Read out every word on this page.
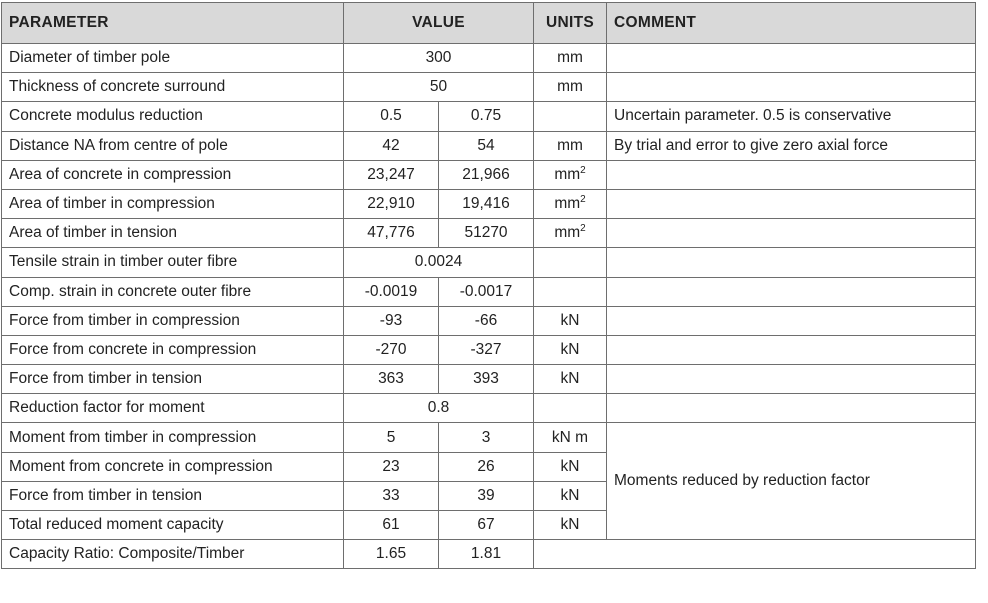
PARAMETER	VALUE		UNITS	COMMENT
Diameter of timber pole	300		mm	
Thickness of concrete surround	50		mm	
Concrete modulus reduction	0.5	0.75		Uncertain parameter. 0.5 is conservative
Distance NA from centre of pole	42	54	mm	By trial and error to give zero axial force
Area of concrete in compression	23,247	21,966	$mm^2$	
Area of timber in compression	22,910	19,416	$mm^2$	
Area of timber in tension	47,776	51270	$mm^2$	
Tensile strain in timber outer fibre	0.0024			
Comp. strain in concrete outer fibre	-0.0019	-0.0017		
Force from timber in compression	-93	-66	kN	
Force from concrete in compression	-270	-327	kN	
Force from timber in tension	363	393	kN	
Reduction factor for moment	0.8			
Moment from timber in compression	5	3	kN m	Moments reduced by reduction factor
Moment from concrete in compression	23	26	kN	
Force from timber in tension	33	39	kN	
Total reduced moment capacity	61	67	kN	
Capacity Ratio: Composite/Timber	1.65	1.81		
